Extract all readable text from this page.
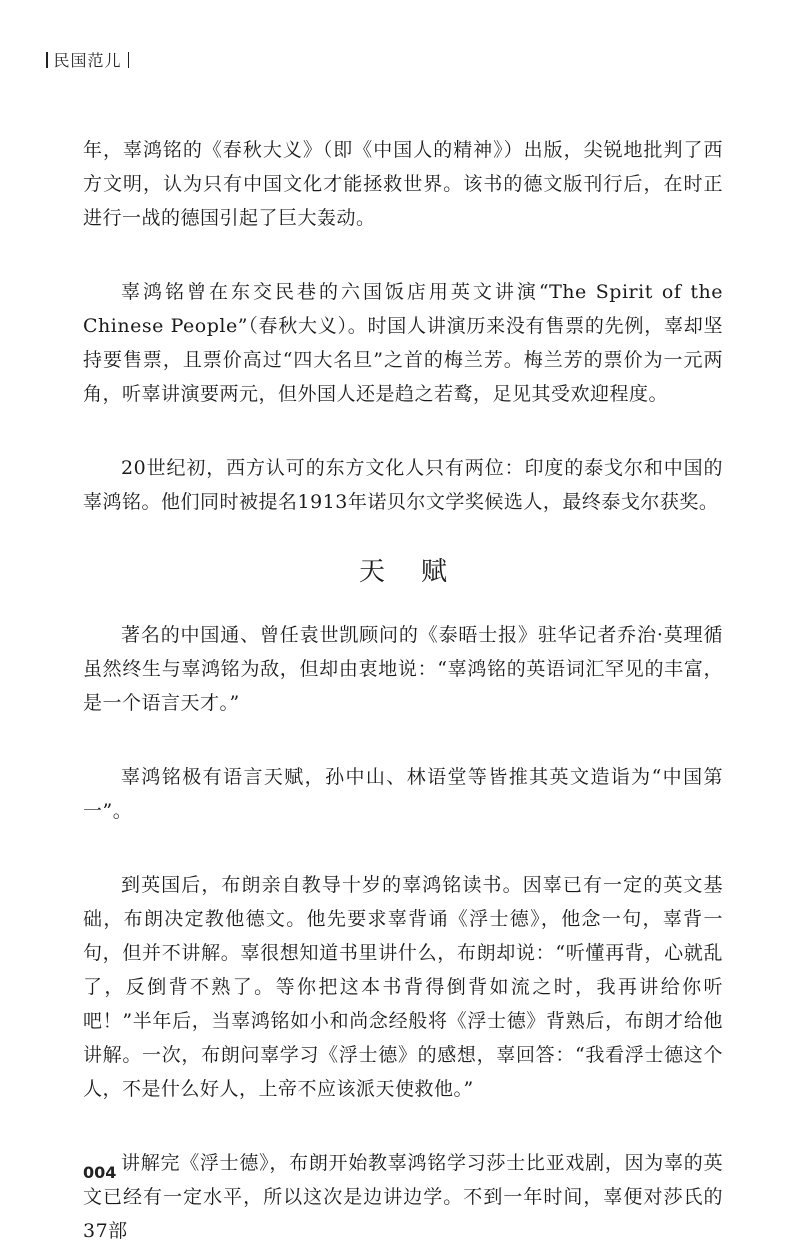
民国范儿

年，辜鸿铭的《春秋大义》（即《中国人的精神》）出版，尖锐地批判了西方文明，认为只有中国文化才能拯救世界。该书的德文版刊行后，在时正进行一战的德国引起了巨大轰动。

辜鸿铭曾在东交民巷的六国饭店用英文讲演“The Spirit of the Chinese People”（春秋大义）。时国人讲演历来没有售票的先例，辜却坚持要售票，且票价高过“四大名旦”之首的梅兰芳。梅兰芳的票价为一元两角，听辜讲演要两元，但外国人还是趋之若鹜，足见其受欢迎程度。

20世纪初，西方认可的东方文化人只有两位：印度的泰戈尔和中国的辜鸿铭。他们同时被提名1913年诺贝尔文学奖候选人，最终泰戈尔获奖。

天赋

著名的中国通、曾任袁世凯顾问的《泰晤士报》驻华记者乔治·莫理循虽然终生与辜鸿铭为敌，但却由衷地说：“辜鸿铭的英语词汇罕见的丰富，是一个语言天才。”

辜鸿铭极有语言天赋，孙中山、林语堂等皆推其英文造诣为“中国第一”。

到英国后，布朗亲自教导十岁的辜鸿铭读书。因辜已有一定的英文基础，布朗决定教他德文。他先要求辜背诵《浮士德》，他念一句，辜背一句，但并不讲解。辜很想知道书里讲什么，布朗却说：“听懂再背，心就乱了，反倒背不熟了。等你把这本书背得倒背如流之时，我再讲给你听吧！”半年后，当辜鸿铭如小和尚念经般将《浮士德》背熟后，布朗才给他讲解。一次，布朗问辜学习《浮士德》的感想，辜回答：“我看浮士德这个人，不是什么好人，上帝不应该派天使救他。”

讲解完《浮士德》，布朗开始教辜鸿铭学习莎士比亚戏剧，因为辜的英文已经有一定水平，所以这次是边讲边学。不到一年时间，辜便对莎氏的37部

004
